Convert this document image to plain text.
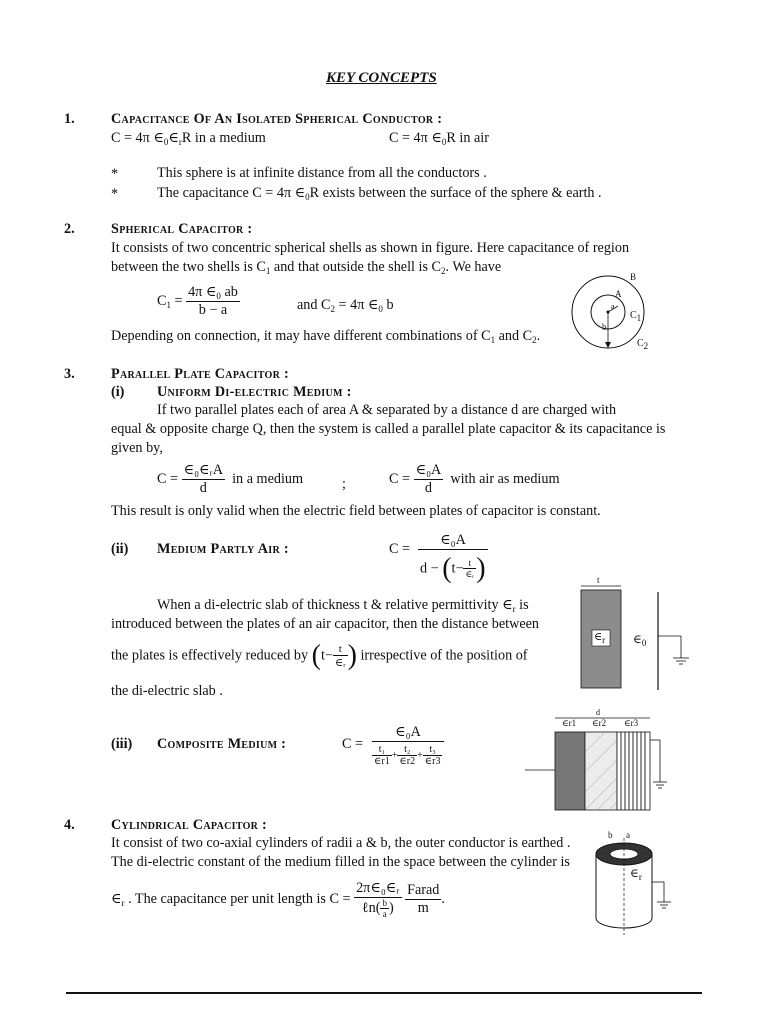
KEY CONCEPTS
1.	Capacitance Of An Isolated Spherical Conductor :
C = 4π $\in_0\in_rR$ in a medium	C = 4π $\in_0R$ in air
*	This sphere is at infinite distance from all the conductors .
*	The capacitance C = 4π $\in_0R$ exists between the surface of the sphere & earth .
2.	Spherical Capacitor :
It consists of two concentric spherical shells as shown in figure. Here capacitance of region
between the two shells is $C_1$ and that outside the shell is $C_2$. We have
$C_1 = \frac{4\pi \in_0 ab}{b - a}$	and $C_2 = 4\pi$ $\in_0$ b
Depending on connection, it may have different combinations of $C_1$ and $C_2$.
B
A
a
b
$C_1$
$C_2$
3.	Parallel Plate Capacitor :
(i) Uniform Di-electric Medium :
If two parallel plates each of area A & separated by a distance d are charged with
equal & opposite charge Q, then the system is called a parallel plate capacitor & its capacitance is
given by,
$C = \frac{\text{∈₀∈ᵣA}}{d}$ in a medium	;	$C = \frac{\text{∈₀A}}{d}$ with air as medium
This result is only valid when the electric field between plates of capacitor is constant.
(ii) Medium Partly Air :	C =
∈₀A
$d - (t- \frac{t}{\text{∈ᵣ}}$ )
When a di-electric slab of thickness t & relative permittivity $\in_r$ is
introduced between the plates of an air capacitor, then the distance between
the plates is effectively reduced by ($t- \frac{t}{\text{∈ᵣ}}$ ) irrespective of the position of
the di-electric slab .
t
$\in_r$ $\in_0$
(iii) Composite Medium :	C =
∈₀A
$\frac{\text{t₁}}{\in r1} + \frac{\text{t₂}}{\in r2} + \frac{\text{t₃}}{\in r3}$
d
∈r1 ∈r2 ∈r3
4.	Cylindrical Capacitor :
It consist of two co-axial cylinders of radii a & b, the outer conductor is earthed .
The di-electric constant of the medium filled in the space between the cylinder is
$\in_r$ . The capacitance per unit length is $C = \frac{\text{2π∈₀∈ᵣ}}{\ell n( \frac{b}{a} )}$
$\frac{\text{Farad}}{m}$ .
b a
$\in_r$
